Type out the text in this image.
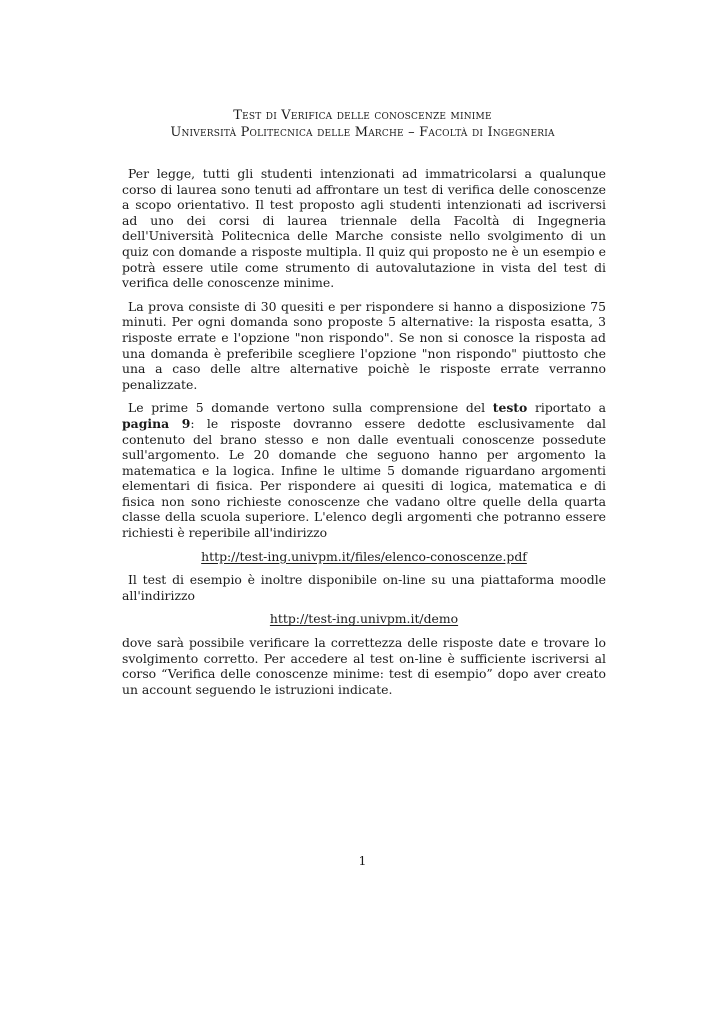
Test di Verifica delle conoscenze minime
Università Politecnica delle Marche – Facoltà di Ingegneria

Per legge, tutti gli studenti intenzionati ad immatricolarsi a qualunque corso di laurea sono tenuti ad affrontare un test di verifica delle conoscenze a scopo orientativo. Il test proposto agli studenti intenzionati ad iscriversi ad uno dei corsi di laurea triennale della Facoltà di Ingegneria dell'Università Politecnica delle Marche consiste nello svolgimento di un quiz con domande a risposte multipla. Il quiz qui proposto ne è un esempio e potrà essere utile come strumento di autovalutazione in vista del test di verifica delle conoscenze minime.

La prova consiste di 30 quesiti e per rispondere si hanno a disposizione 75 minuti. Per ogni domanda sono proposte 5 alternative: la risposta esatta, 3 risposte errate e l'opzione "non rispondo". Se non si conosce la risposta ad una domanda è preferibile scegliere l'opzione "non rispondo" piuttosto che una a caso delle altre alternative poichè le risposte errate verranno penalizzate.

Le prime 5 domande vertono sulla comprensione del testo riportato a pagina 9: le risposte dovranno essere dedotte esclusivamente dal contenuto del brano stesso e non dalle eventuali conoscenze possedute sull'argomento. Le 20 domande che seguono hanno per argomento la matematica e la logica. Infine le ultime 5 domande riguardano argomenti elementari di fisica. Per rispondere ai quesiti di logica, matematica e di fisica non sono richieste conoscenze che vadano oltre quelle della quarta classe della scuola superiore. L'elenco degli argomenti che potranno essere richiesti è reperibile all'indirizzo

http://test-ing.univpm.it/files/elenco-conoscenze.pdf

Il test di esempio è inoltre disponibile on-line su una piattaforma moodle all'indirizzo

http://test-ing.univpm.it/demo

dove sarà possibile verificare la correttezza delle risposte date e trovare lo svolgimento corretto. Per accedere al test on-line è sufficiente iscriversi al corso “Verifica delle conoscenze minime: test di esempio” dopo aver creato un account seguendo le istruzioni indicate.

1
